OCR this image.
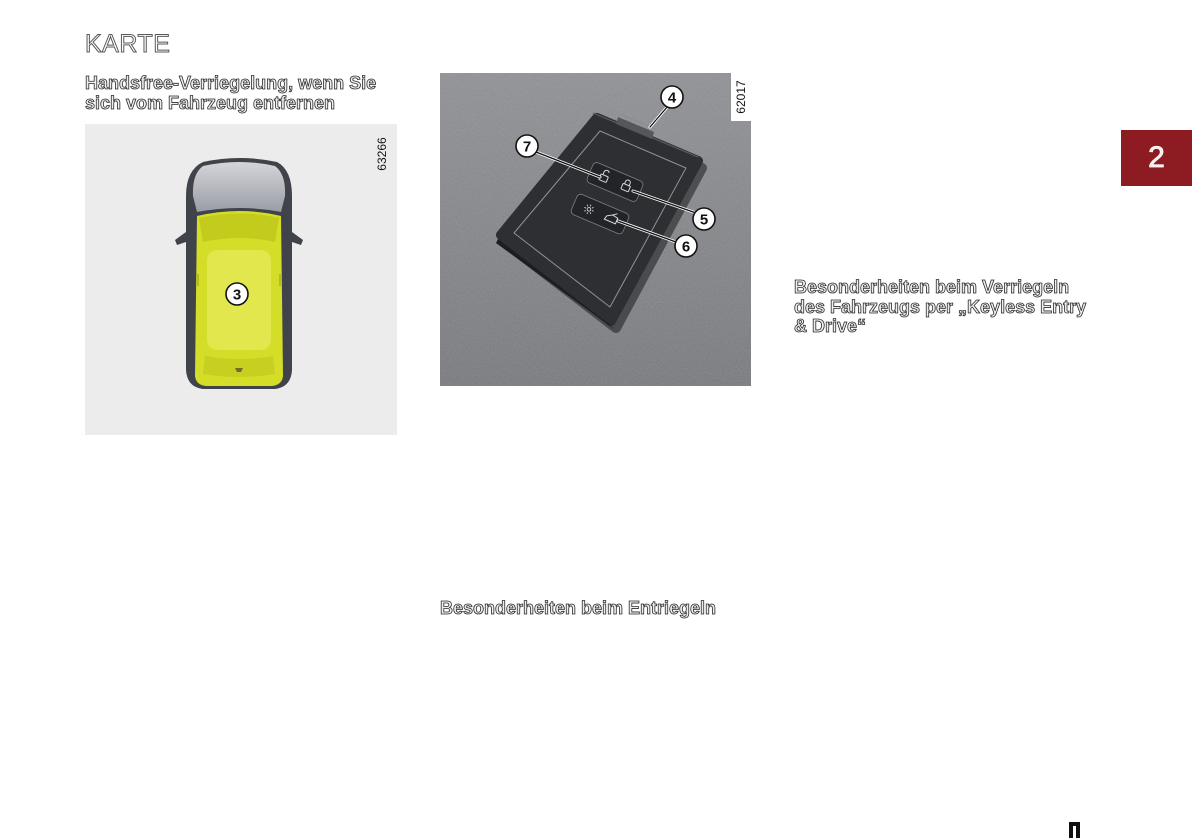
KARTE
Handsfree-Verriegelung, wenn Sie
sich vom Fahrzeug entfernen
3
63266
4
7
5
6
62017
Besonderheiten beim Entriegeln
Besonderheiten beim Verriegeln
des Fahrzeugs per „Keyless Entry
& Drive“
2
